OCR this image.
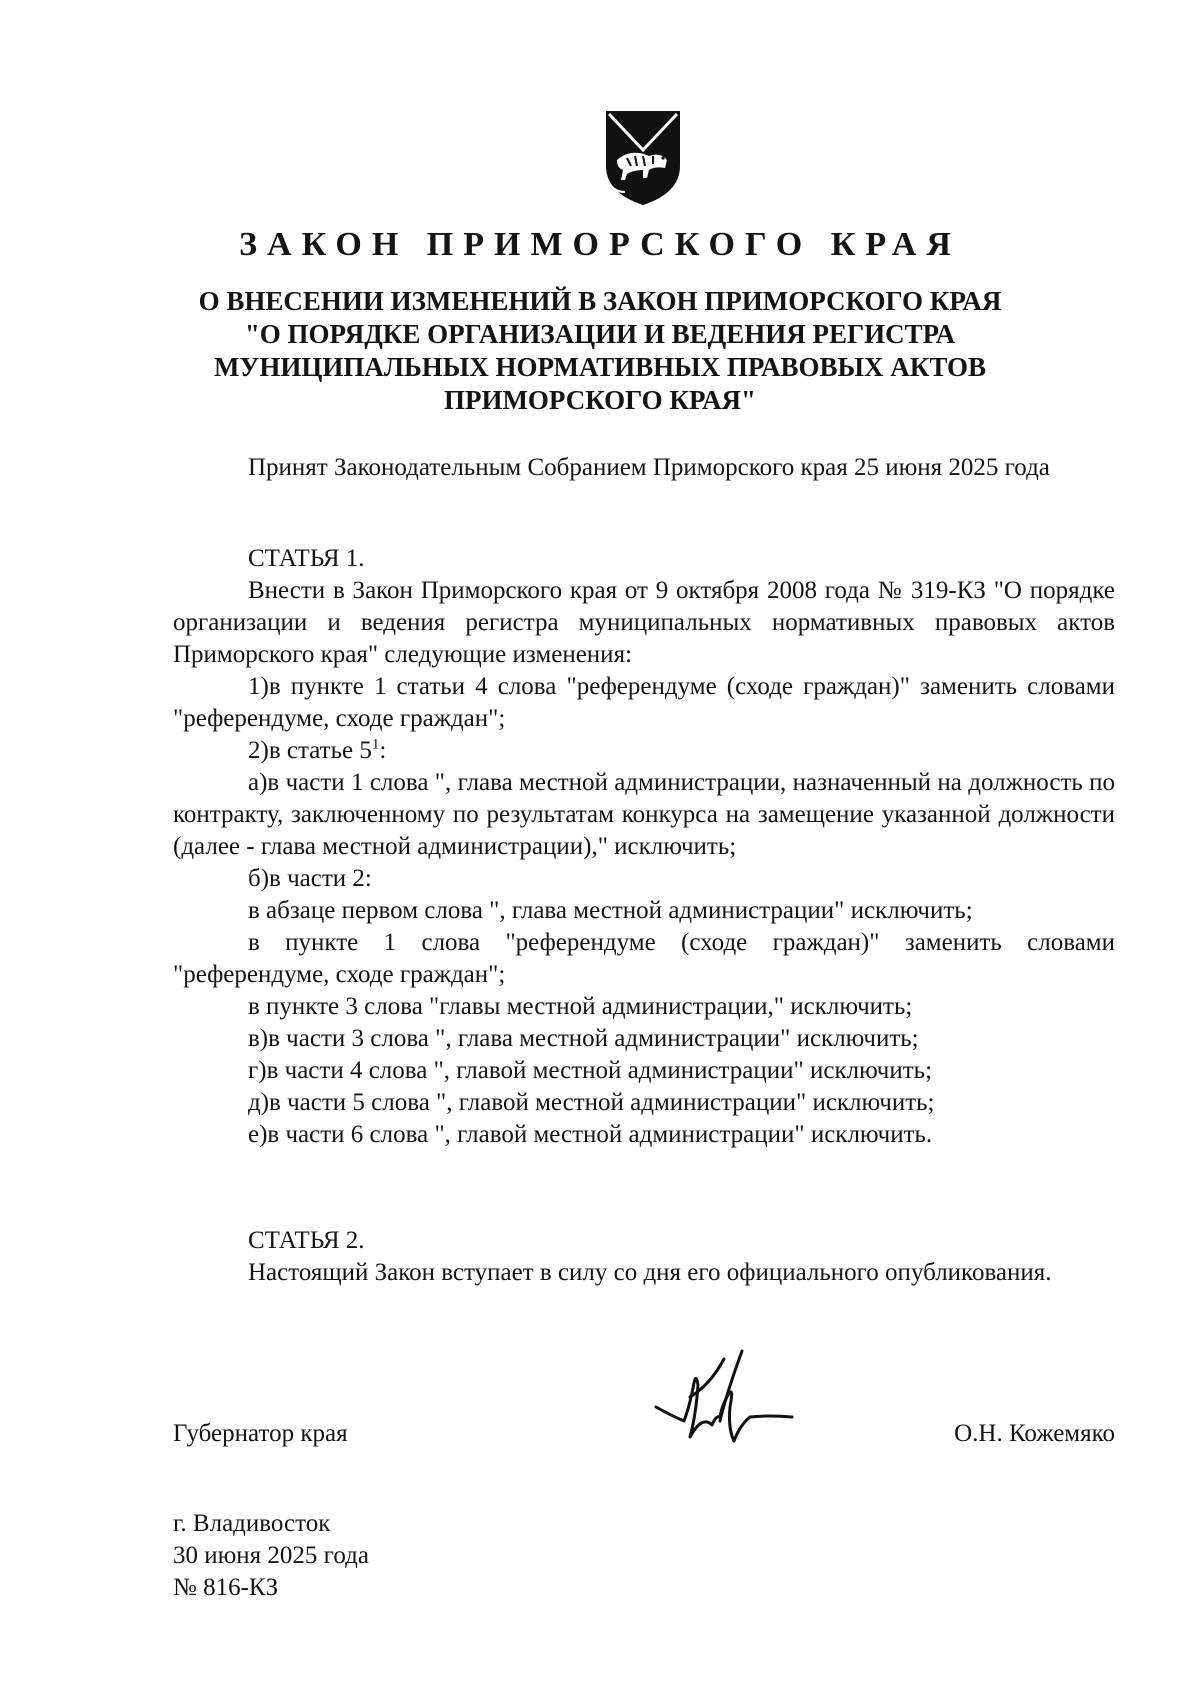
ЗАКОН ПРИМОРСКОГО КРАЯ
О ВНЕСЕНИИ ИЗМЕНЕНИЙ В ЗАКОН ПРИМОРСКОГО КРАЯ
"О ПОРЯДКЕ ОРГАНИЗАЦИИ И ВЕДЕНИЯ РЕГИСТРА
МУНИЦИПАЛЬНЫХ НОРМАТИВНЫХ ПРАВОВЫХ АКТОВ
ПРИМОРСКОГО КРАЯ"

Принят Законодательным Собранием Приморского края 25 июня 2025 года

СТАТЬЯ 1.

Внести в Закон Приморского края от 9 октября 2008 года № 319-КЗ "О порядке организации и ведения регистра муниципальных нормативных правовых актов Приморского края" следующие изменения:

1)в пункте 1 статьи 4 слова "референдуме (сходе граждан)" заменить словами "референдуме, сходе граждан";

2)в статье $5^1$:

а)в части 1 слова ", глава местной администрации, назначенный на должность по контракту, заключенному по результатам конкурса на замещение указанной должности (далее - глава местной администрации)," исключить;

б)в части 2:

в абзаце первом слова ", глава местной администрации" исключить;

в пункте 1 слова "референдуме (сходе граждан)" заменить словами "референдуме, сходе граждан";

в пункте 3 слова "главы местной администрации," исключить;

в)в части 3 слова ", глава местной администрации" исключить;

г)в части 4 слова ", главой местной администрации" исключить;

д)в части 5 слова ", главой местной администрации" исключить;

е)в части 6 слова ", главой местной администрации" исключить.

СТАТЬЯ 2.

Настоящий Закон вступает в силу со дня его официального опубликования.

Губернатор края	О.Н. Кожемяко
г. Владивосток
30 июня 2025 года
№ 816-КЗ
